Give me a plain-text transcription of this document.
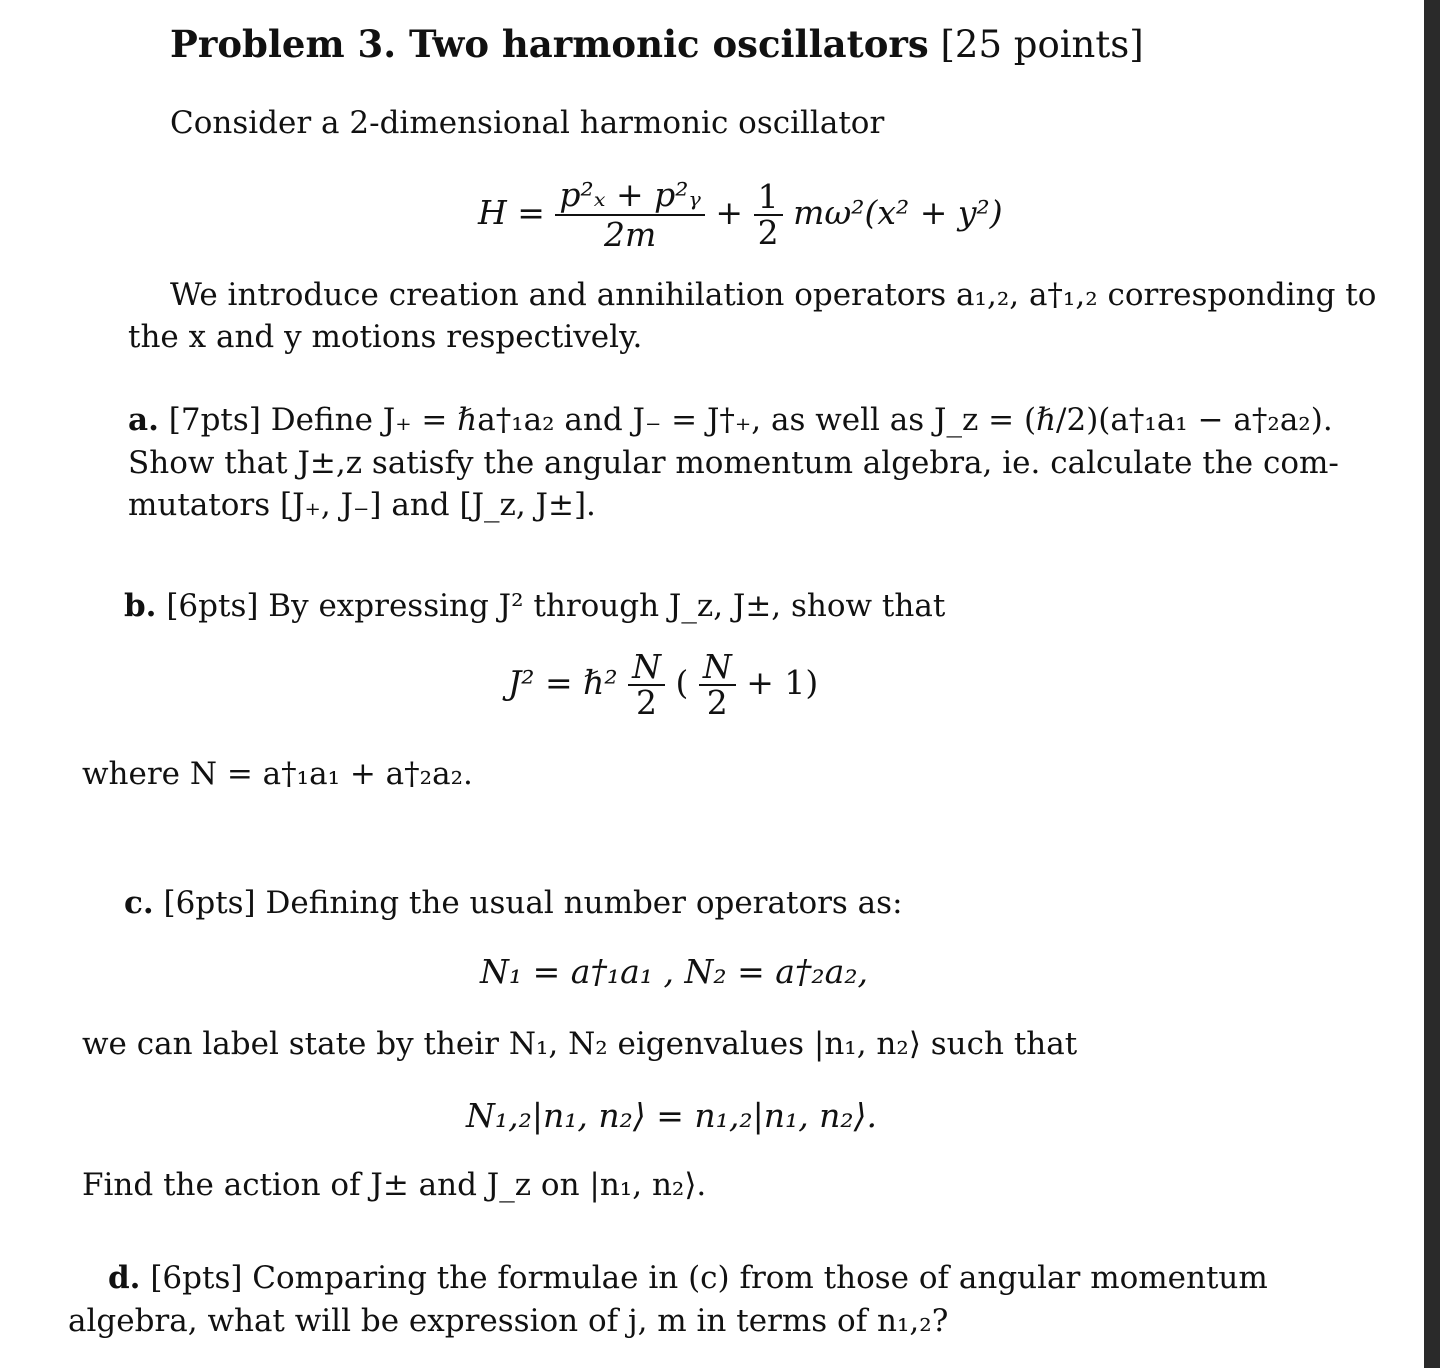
Problem 3. Two harmonic oscillators [25 points]
Consider a 2-dimensional harmonic oscillator
$H = \frac{\text{p²ₓ + p²ᵧ}}{2m} + \frac{1}{2} m\omega^2(x^2 + y^2)$
We introduce creation and annihilation operators a₁,₂, a†₁,₂ corresponding to
the x and y motions respectively.
a. [7pts] Define J₊ = ℏa†₁a₂ and J₋ = J†₊, as well as J_z = (ℏ/2)(a†₁a₁ − a†₂a₂).
Show that J±,z satisfy the angular momentum algebra, ie. calculate the com-
mutators [J₊, J₋] and [J_z, J±].
b. [6pts] By expressing J² through J_z, J±, show that
J² = ℏ² $\frac{N}{2}$ ( $\frac{N}{2} + 1$)
where N = a†₁a₁ + a†₂a₂.
c. [6pts] Defining the usual number operators as:
N₁ = a†₁a₁ , N₂ = a†₂a₂,
we can label state by their N₁, N₂ eigenvalues |n₁, n₂⟩ such that
N₁,₂|n₁, n₂⟩ = n₁,₂|n₁, n₂⟩.
Find the action of J± and J_z on |n₁, n₂⟩.
d. [6pts] Comparing the formulae in (c) from those of angular momentum
algebra, what will be expression of j, m in terms of n₁,₂?
